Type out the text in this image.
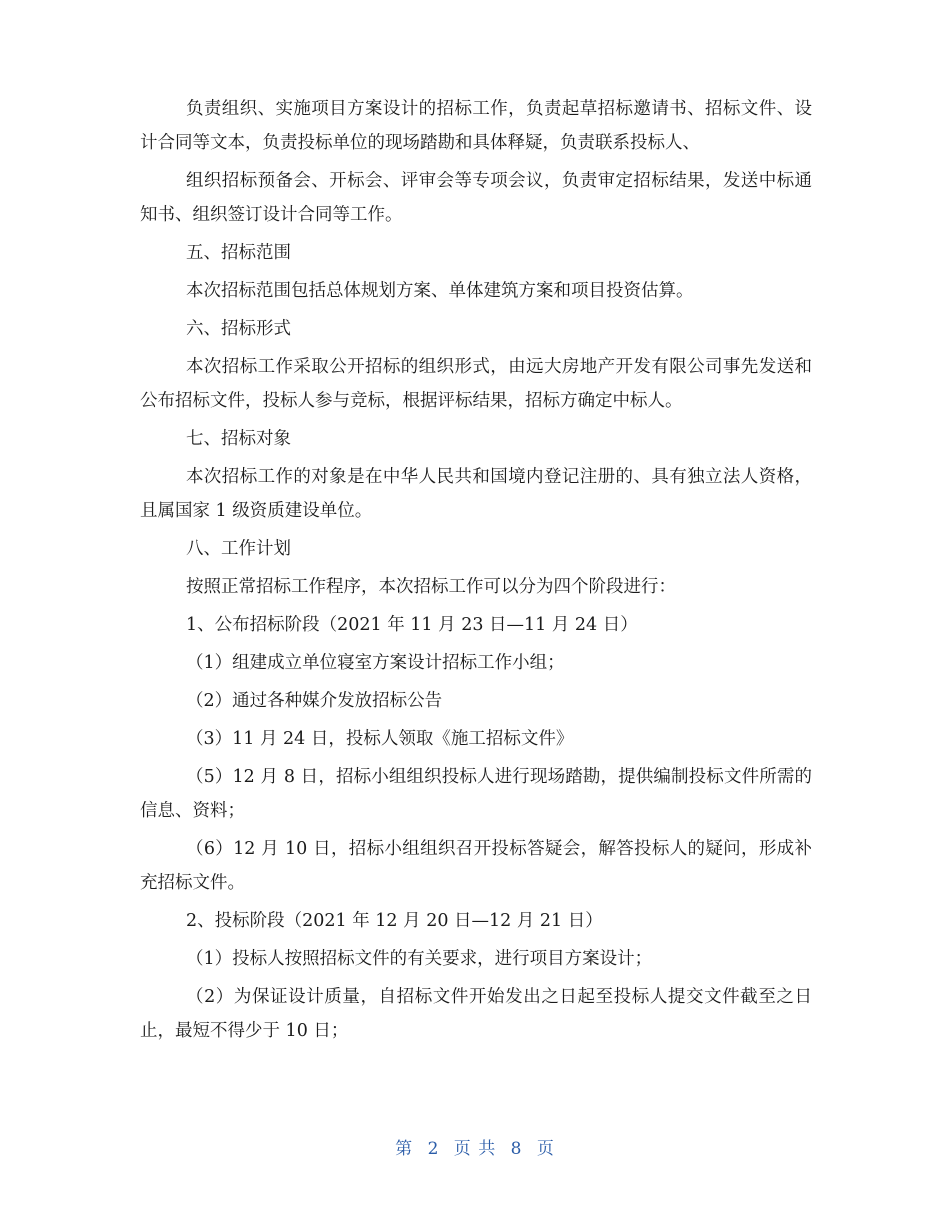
负责组织、实施项目方案设计的招标工作，负责起草招标邀请书、招标文件、设计合同等文本，负责投标单位的现场踏勘和具体释疑，负责联系投标人、

组织招标预备会、开标会、评审会等专项会议，负责审定招标结果，发送中标通知书、组织签订设计合同等工作。

五、招标范围

本次招标范围包括总体规划方案、单体建筑方案和项目投资估算。

六、招标形式

本次招标工作采取公开招标的组织形式，由远大房地产开发有限公司事先发送和公布招标文件，投标人参与竞标，根据评标结果，招标方确定中标人。

七、招标对象

本次招标工作的对象是在中华人民共和国境内登记注册的、具有独立法人资格，且属国家 1 级资质建设单位。

八、工作计划

按照正常招标工作程序，本次招标工作可以分为四个阶段进行：

1、公布招标阶段（2021 年 11 月 23 日—11 月 24 日）

（1）组建成立单位寝室方案设计招标工作小组；

（2）通过各种媒介发放招标公告

（3）11 月 24 日，投标人领取《施工招标文件》

（5）12 月 8 日，招标小组组织投标人进行现场踏勘，提供编制投标文件所需的信息、资料；

（6）12 月 10 日，招标小组组织召开投标答疑会，解答投标人的疑问，形成补充招标文件。

2、投标阶段（2021 年 12 月 20 日—12 月 21 日）

（1）投标人按照招标文件的有关要求，进行项目方案设计；

（2）为保证设计质量，自招标文件开始发出之日起至投标人提交文件截至之日止，最短不得少于 10 日；

第 2 页 共 8 页
